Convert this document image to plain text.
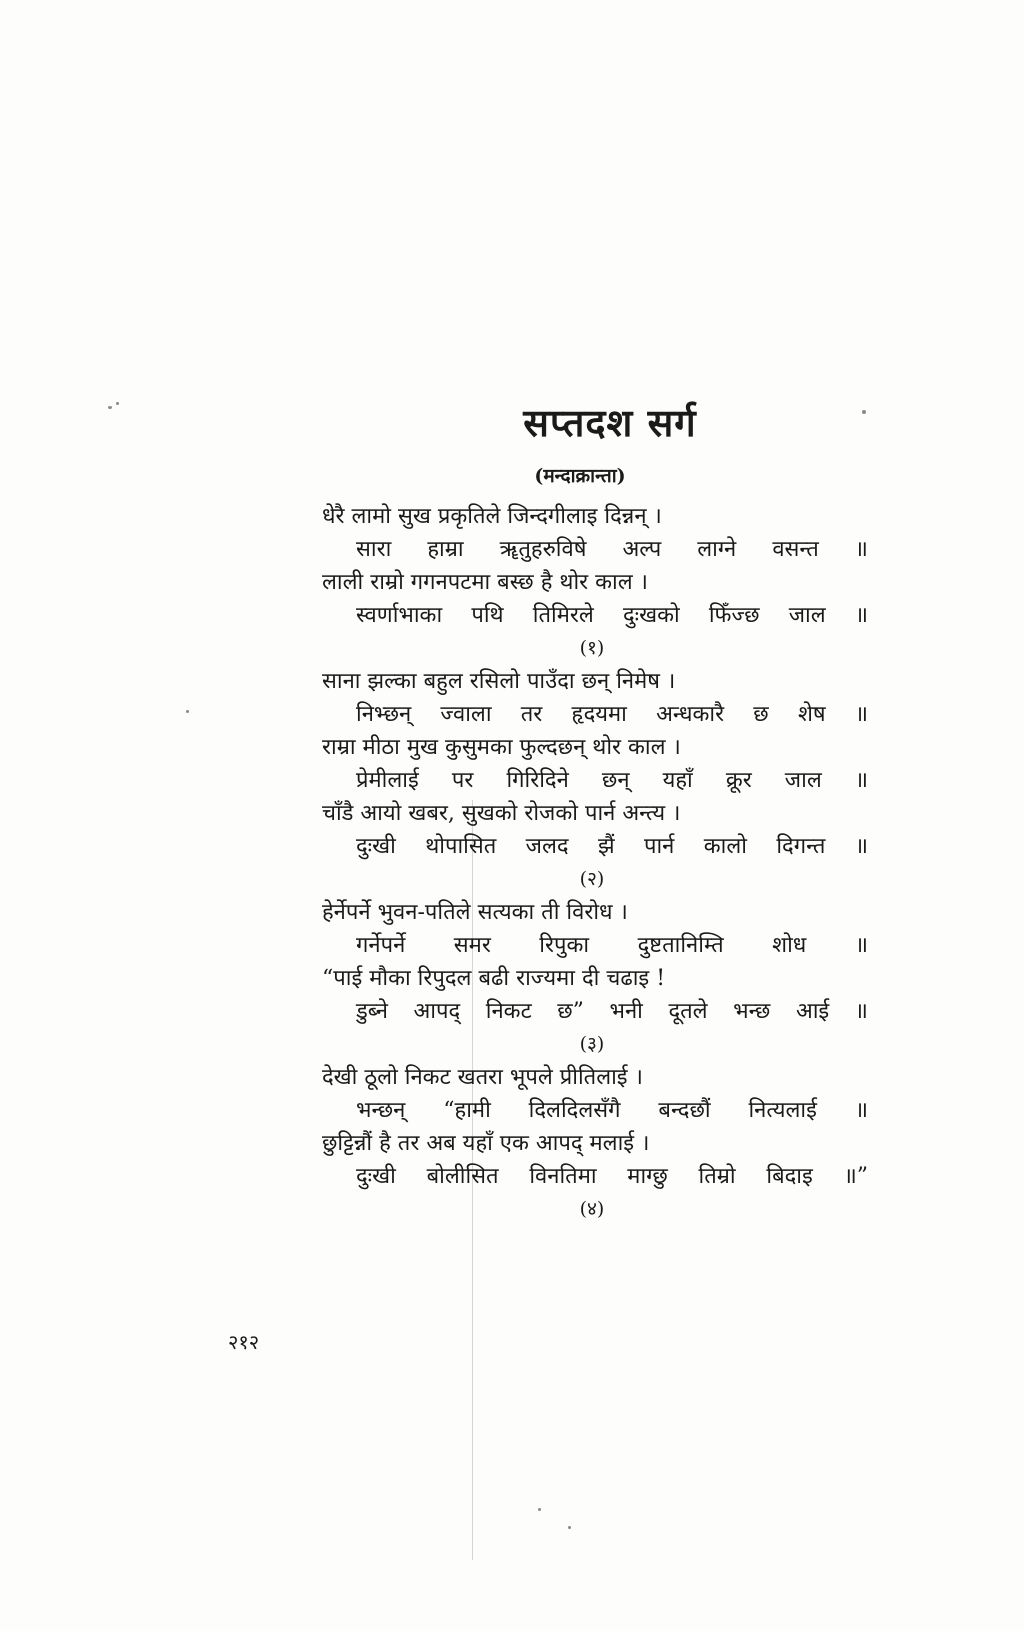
सप्तदश सर्ग
(मन्दाक्रान्ता)
धेरै लामो सुख प्रकृतिले जिन्दगीलाइ दिन्नन् ।
सारा हाम्रा ॠतुहरुविषे अल्प लाग्ने वसन्त ॥
लाली राम्रो गगनपटमा बस्छ है थोर काल ।
स्वर्णाभाका पथि तिमिरले दुःखको फिँज्छ जाल ॥
(१)
साना झल्का बहुल रसिलो पाउँदा छन् निमेष ।
निभ्छन् ज्वाला तर हृदयमा अन्धकारै छ शेष ॥
राम्रा मीठा मुख कुसुमका फुल्दछन् थोर काल ।
प्रेमीलाई पर गिरिदिने छन् यहाँ क्रूर जाल ॥
चाँडै आयो खबर, सुखको रोजको पार्न अन्त्य ।
दुःखी थोपासित जलद झैं पार्न कालो दिगन्त ॥
(२)
हेर्नेपर्ने भुवन-पतिले सत्यका ती विरोध ।
गर्नेपर्ने समर रिपुका दुष्टतानिम्ति शोध ॥
“पाई मौका रिपुदल बढी राज्यमा दी चढाइ !
डुब्ने आपद् निकट छ” भनी दूतले भन्छ आई ॥
(३)
देखी ठूलो निकट खतरा भूपले प्रीतिलाई ।
भन्छन् “हामी दिलदिलसँगै बन्दछौं नित्यलाई ॥
छुट्टिन्नौं है तर अब यहाँ एक आपद् मलाई ।
दुःखी बोलीसित विनतिमा माग्छु तिम्रो बिदाइ ॥”
(४)
२१२
